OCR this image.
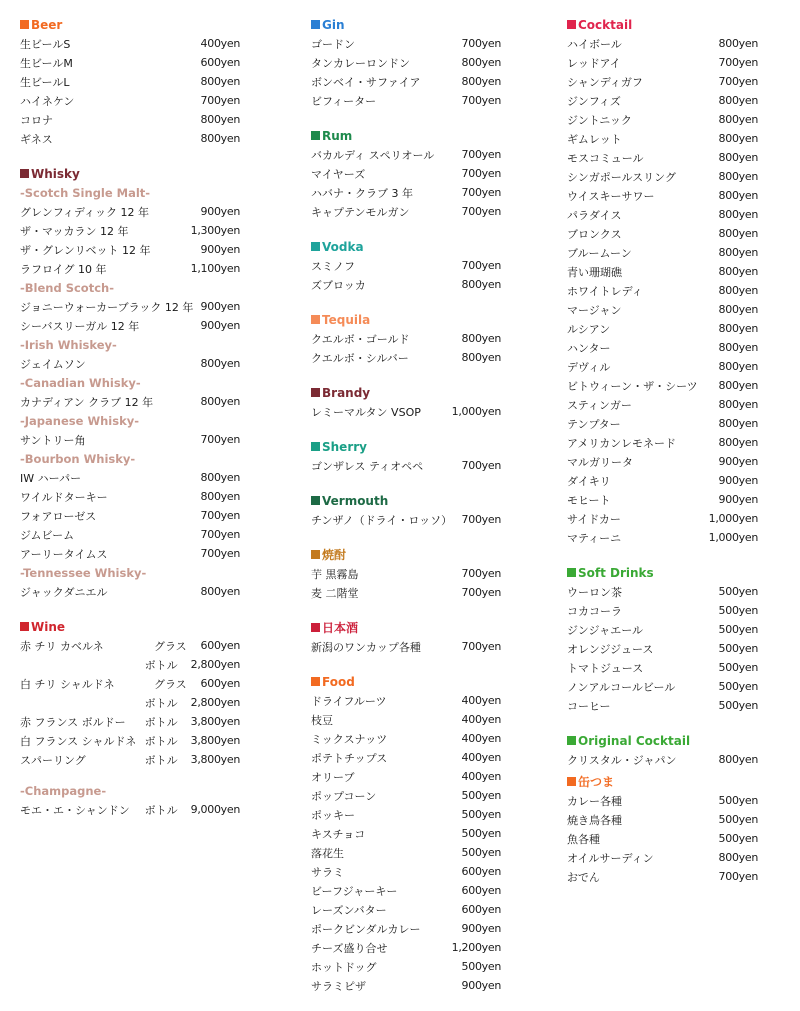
Beer
生ビールS	400yen
生ビールM	600yen
生ビールL	800yen
ハイネケン	700yen
コロナ	800yen
ギネス	800yen
Whisky
-Scotch Single Malt-
グレンフィディック 12 年	900yen
ザ・マッカラン 12 年	1,300yen
ザ・グレンリベット 12 年	900yen
ラフロイグ 10 年	1,100yen
-Blend Scotch-
ジョニーウォーカーブラック 12 年 900yen
シーバスリーガル 12 年	900yen
-Irish Whiskey-
ジェイムソン	800yen
-Canadian Whisky-
カナディアン クラブ 12 年	800yen
-Japanese Whisky-
サントリー角	700yen
-Bourbon Whisky-
IW ハーパー	800yen
ワイルドターキー	800yen
フォアローゼス	700yen
ジムビーム	700yen
アーリータイムス	700yen
-Tennessee Whisky-
ジャックダニエル	800yen
Wine
赤 チリ カベルネ	グラス	600yen
ボトル	2,800yen
白 チリ シャルドネ	グラス	600yen
ボトル	2,800yen
赤 フランス ボルドー	ボトル	3,800yen
白 フランス シャルドネ ボトル	3,800yen
スパーリング	ボトル	3,800yen
-Champagne-
モエ・エ・シャンドン	ボトル	9,000yen
Gin
ゴードン	700yen
タンカレーロンドン	800yen
ボンベイ・サファイア	800yen
ビフィーター	700yen
Rum
バカルディ スペリオール	700yen
マイヤーズ	700yen
ハバナ・クラブ 3 年	700yen
キャプテンモルガン	700yen
Vodka
スミノフ	700yen
ズブロッカ	800yen
Tequila
クエルボ・ゴールド	800yen
クエルボ・シルバー	800yen
Brandy
レミーマルタン VSOP	1,000yen
Sherry
ゴンザレス ティオペペ	700yen
Vermouth
チンザノ（ドライ・ロッソ） 700yen
焼酎
芋 黒霧島	700yen
麦 二階堂	700yen
日本酒
新潟のワンカップ各種	700yen
Food
ドライフルーツ	400yen
枝豆	400yen
ミックスナッツ	400yen
ポテトチップス	400yen
オリーブ	400yen
ポップコーン	500yen
ポッキー	500yen
キスチョコ	500yen
落花生	500yen
サラミ	600yen
ビーフジャーキー	600yen
レーズンバター	600yen
ポークビンダルカレー	900yen
チーズ盛り合せ	1,200yen
ホットドッグ	500yen
サラミピザ	900yen
Cocktail
ハイボール	800yen
レッドアイ	700yen
シャンディガフ	700yen
ジンフィズ	800yen
ジントニック	800yen
ギムレット	800yen
モスコミュール	800yen
シンガポールスリング	800yen
ウイスキーサワー	800yen
パラダイス	800yen
ブロンクス	800yen
ブルームーン	800yen
青い珊瑚礁	800yen
ホワイトレディ	800yen
マージャン	800yen
ルシアン	800yen
ハンター	800yen
デヴィル	800yen
ビトウィーン・ザ・シーツ	800yen
スティンガー	800yen
テンプター	800yen
アメリカンレモネード	800yen
マルガリータ	900yen
ダイキリ	900yen
モヒート	900yen
サイドカー	1,000yen
マティーニ	1,000yen
Soft Drinks
ウーロン茶	500yen
コカコーラ	500yen
ジンジャエール	500yen
オレンジジュース	500yen
トマトジュース	500yen
ノンアルコールビール	500yen
コーヒー	500yen
Original Cocktail
クリスタル・ジャパン	800yen
缶つま
カレー各種	500yen
焼き鳥各種	500yen
魚各種	500yen
オイルサーディン	800yen
おでん	700yen
